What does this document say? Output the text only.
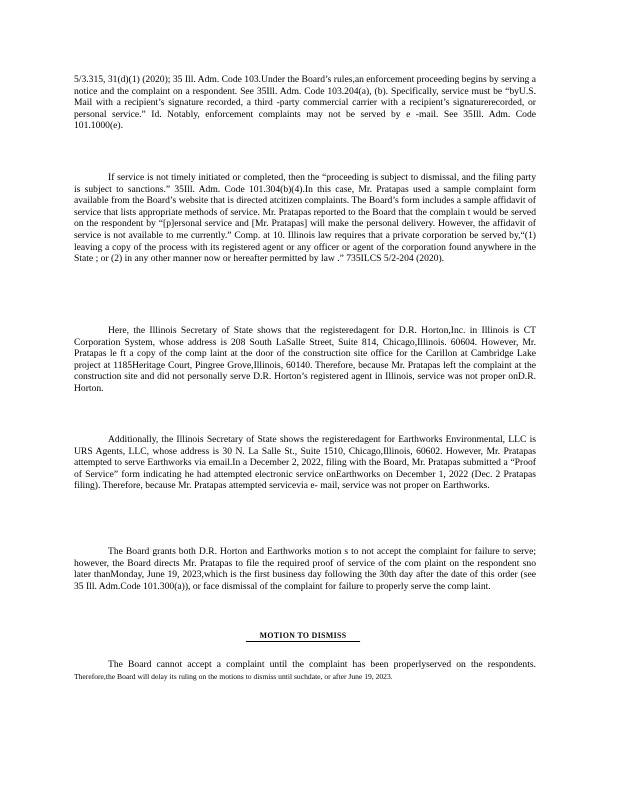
5/3.315, 31(d)(1) (2020); 35 Ill. Adm. Code 103.Under the Board’s rules,an enforcement proceeding begins by serving a notice and the complaint on a respondent. See 35Ill. Adm. Code 103.204(a), (b). Specifically, service must be “byU.S. Mail with a recipient’s signature recorded, a third -party commercial carrier with a recipient’s signaturerecorded, or personal service.” Id. Notably, enforcement complaints may not be served by e -mail. See 35Ill. Adm. Code 101.1000(e).

If service is not timely initiated or completed, then the “proceeding is subject to dismissal, and the filing party is subject to sanctions.” 35Ill. Adm. Code 101.304(b)(4).In this case, Mr. Pratapas used a sample complaint form available from the Board’s website that is directed atcitizen complaints. The Board’s form includes a sample affidavit of service that lists appropriate methods of service. Mr. Pratapas reported to the Board that the complain t would be served on the respondent by “[p]ersonal service and [Mr. Pratapas] will make the personal delivery. However, the affidavit of service is not available to me currently.” Comp. at 10. Illinois law requires that a private corporation be served by,“(1) leaving a copy of the process with its registered agent or any officer or agent of the corporation found anywhere in the State ; or (2) in any other manner now or hereafter permitted by law .” 735ILCS 5/2-204 (2020).

Here, the Illinois Secretary of State shows that the registeredagent for D.R. Horton,Inc. in Illinois is CT Corporation System, whose address is 208 South LaSalle Street, Suite 814, Chicago,Illinois. 60604. However, Mr. Pratapas le ft a copy of the comp laint at the door of the construction site office for the Carillon at Cambridge Lake project at 1185Heritage Court, Pingree Grove,Illinois, 60140. Therefore, because Mr. Pratapas left the complaint at the construction site and did not personally serve D.R. Horton’s registered agent in Illinois, service was not proper onD.R. Horton.

Additionally, the Illinois Secretary of State shows the registeredagent for Earthworks Environmental, LLC is URS Agents, LLC, whose address is 30 N. La Salle St., Suite 1510, Chicago,Illinois, 60602. However, Mr. Pratapas attempted to serve Earthworks via email.In a December 2, 2022, filing with the Board, Mr. Pratapas submitted a “Proof of Service” form indicating he had attempted electronic service onEarthworks on December 1, 2022 (Dec. 2 Pratapas filing). Therefore, because Mr. Pratapas attempted servicevia e- mail, service was not proper on Earthworks.

The Board grants both D.R. Horton and Earthworks motion s to not accept the complaint for failure to serve; however, the Board directs Mr. Pratapas to file the required proof of service of the com plaint on the respondent sno later thanMonday, June 19, 2023,which is the first business day following the 30th day after the date of this order (see 35 Ill. Adm.Code 101.300(a)), or face dismissal of the complaint for failure to properly serve the comp laint.

MOTION TO DISMISS

The Board cannot accept a complaint until the complaint has been properlyserved on the respondents. Therefore,the Board will delay its ruling on the motions to dismiss until suchdate, or after June 19, 2023.
